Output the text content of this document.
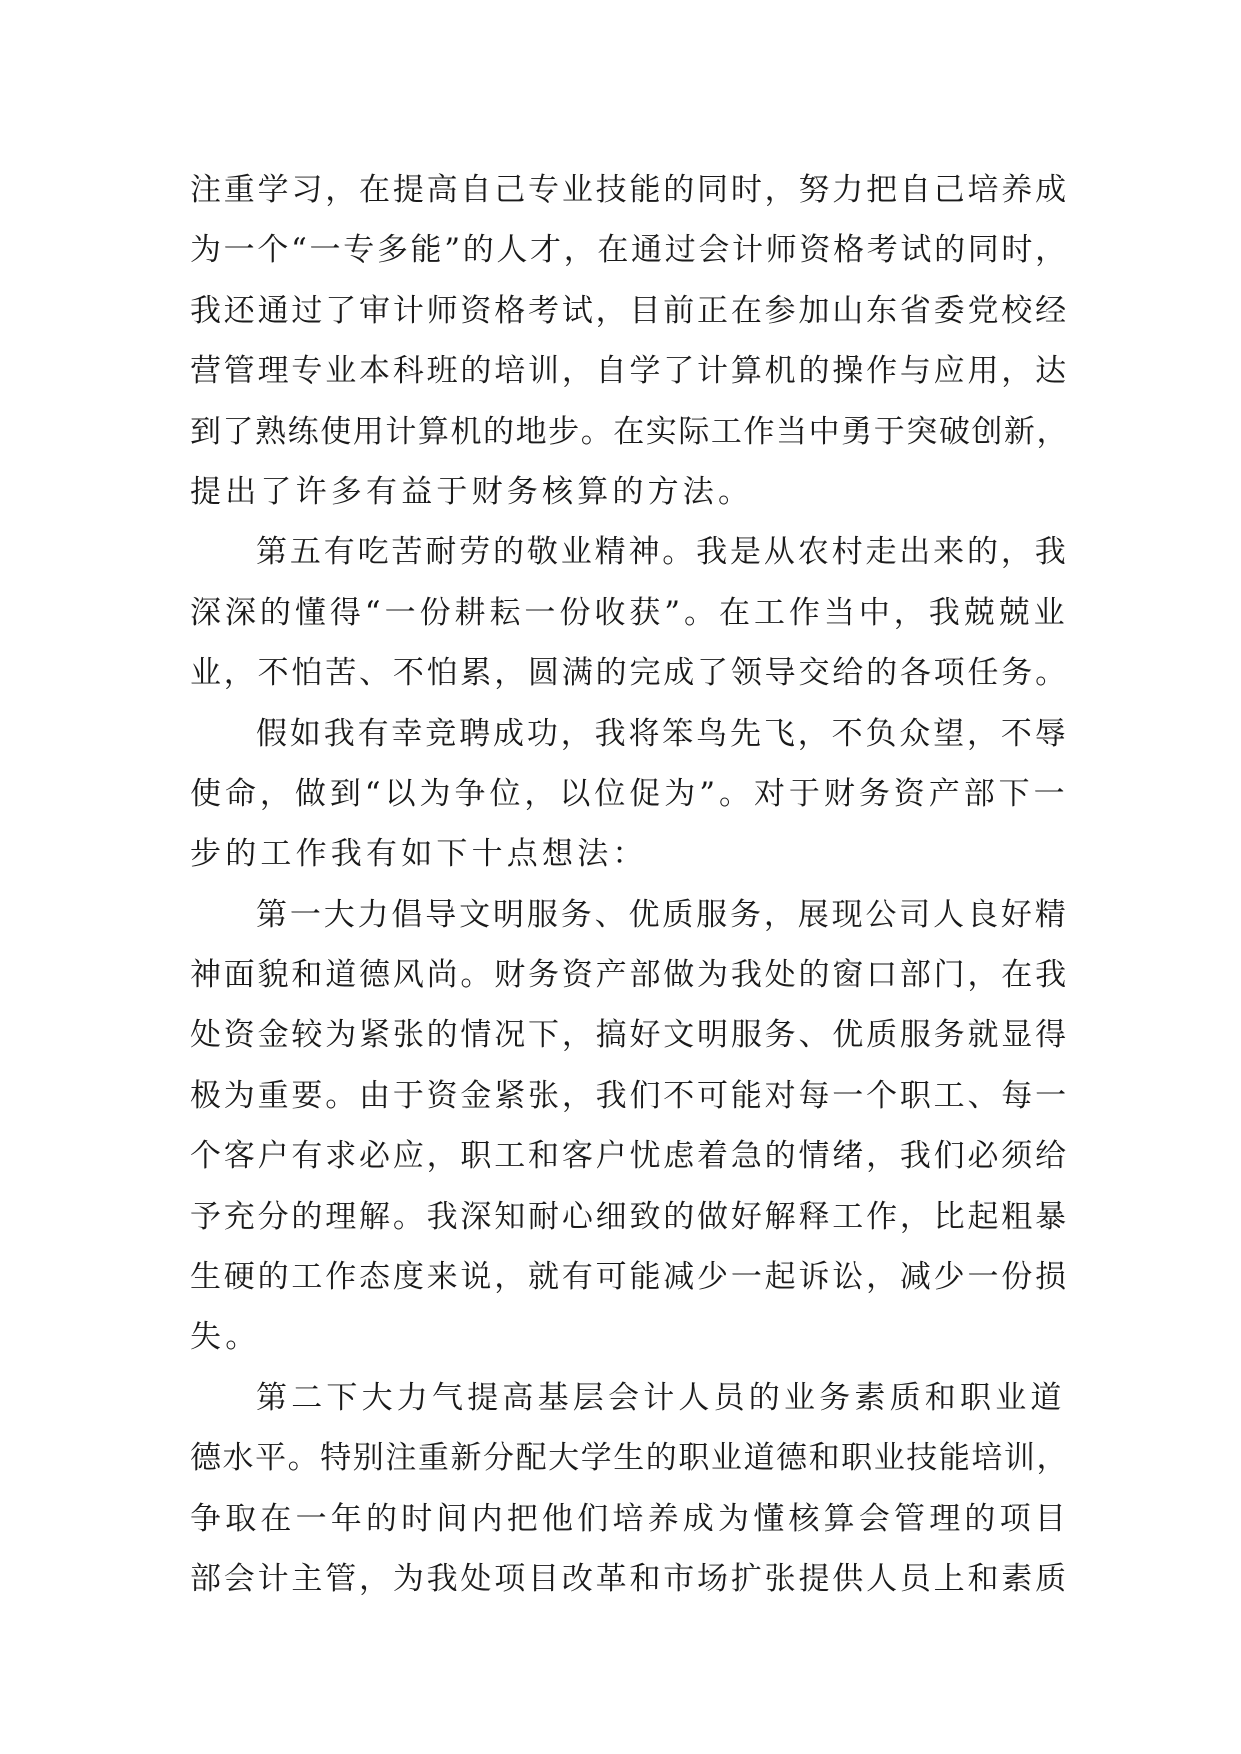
注重学习，在提高自己专业技能的同时，努力把自己培养成
为一个“一专多能”的人才，在通过会计师资格考试的同时，
我还通过了审计师资格考试，目前正在参加山东省委党校经
营管理专业本科班的培训，自学了计算机的操作与应用，达
到了熟练使用计算机的地步。在实际工作当中勇于突破创新，
提出了许多有益于财务核算的方法。
第五有吃苦耐劳的敬业精神。我是从农村走出来的，我
深深的懂得“一份耕耘一份收获”。在工作当中，我兢兢业
业，不怕苦、不怕累，圆满的完成了领导交给的各项任务。
假如我有幸竞聘成功，我将笨鸟先飞，不负众望，不辱
使命，做到“以为争位，以位促为”。对于财务资产部下一
步的工作我有如下十点想法：
第一大力倡导文明服务、优质服务，展现公司人良好精
神面貌和道德风尚。财务资产部做为我处的窗口部门，在我
处资金较为紧张的情况下，搞好文明服务、优质服务就显得
极为重要。由于资金紧张，我们不可能对每一个职工、每一
个客户有求必应，职工和客户忧虑着急的情绪，我们必须给
予充分的理解。我深知耐心细致的做好解释工作，比起粗暴
生硬的工作态度来说，就有可能减少一起诉讼，减少一份损
失。
第二下大力气提高基层会计人员的业务素质和职业道
德水平。特别注重新分配大学生的职业道德和职业技能培训，
争取在一年的时间内把他们培养成为懂核算会管理的项目
部会计主管，为我处项目改革和市场扩张提供人员上和素质
